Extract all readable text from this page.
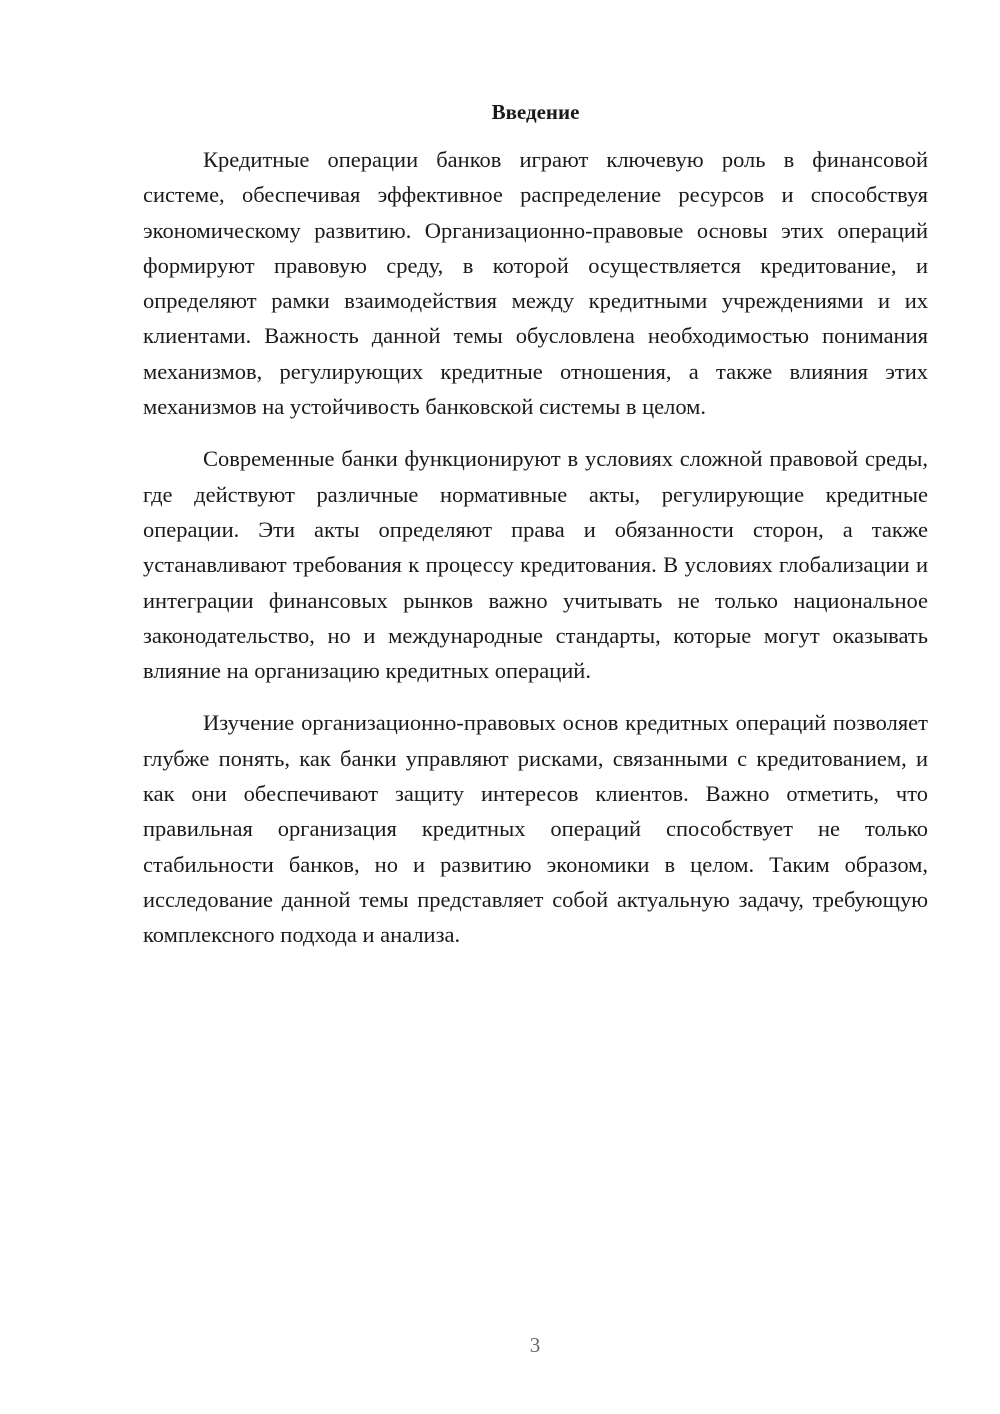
Введение

Кредитные операции банков играют ключевую роль в финансовой системе, обеспечивая эффективное распределение ресурсов и способствуя экономическому развитию. Организационно-правовые основы этих операций формируют правовую среду, в которой осуществляется кредитование, и определяют рамки взаимодействия между кредитными учреждениями и их клиентами. Важность данной темы обусловлена необходимостью понимания механизмов, регулирующих кредитные отношения, а также влияния этих механизмов на устойчивость банковской системы в целом.

Современные банки функционируют в условиях сложной правовой среды, где действуют различные нормативные акты, регулирующие кредитные операции. Эти акты определяют права и обязанности сторон, а также устанавливают требования к процессу кредитования. В условиях глобализации и интеграции финансовых рынков важно учитывать не только национальное законодательство, но и международные стандарты, которые могут оказывать влияние на организацию кредитных операций.

Изучение организационно-правовых основ кредитных операций позволяет глубже понять, как банки управляют рисками, связанными с кредитованием, и как они обеспечивают защиту интересов клиентов. Важно отметить, что правильная организация кредитных операций способствует не только стабильности банков, но и развитию экономики в целом. Таким образом, исследование данной темы представляет собой актуальную задачу, требующую комплексного подхода и анализа.

3
